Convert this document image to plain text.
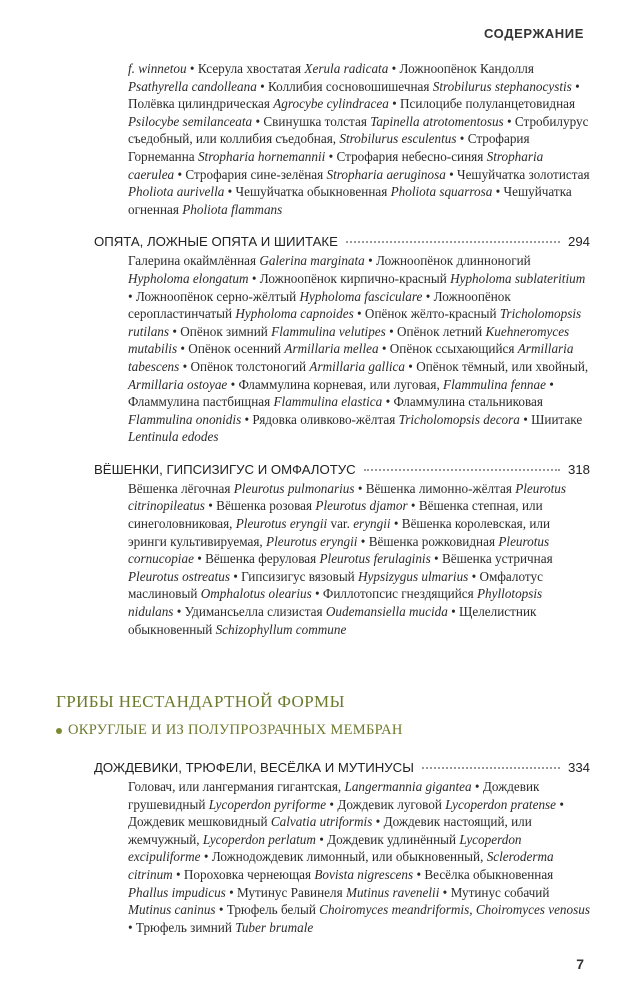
СОДЕРЖАНИЕ

f. winnetou • Ксерула хвостатая Xerula radicata • Ложноопёнок Кандолля Psathyrella candolleana • Коллибия сосновошишечная Strobilurus stephanocystis • Полёвка цилиндрическая Agrocybe cylindracea • Псилоцибе полуланцетовидная Psilocybe semilanceata • Свинушка толстая Tapinella atrotomentosus • Стробилурус съедобный, или коллибия съедобная, Strobilurus esculentus • Строфария Горнеманна Stropharia hornemannii • Строфария небесно-синяя Stropharia caerulea • Строфария сине-зелёная Stropharia aeruginosa • Чешуйчатка золотистая Pholiota aurivella • Чешуйчатка обыкновенная Pholiota squarrosa • Чешуйчатка огненная Pholiota flammans

ОПЯТА, ЛОЖНЫЕ ОПЯТА И ШИИТАКЕ	294

Галерина окаймлённая Galerina marginata • Ложноопёнок длинноногий Hypholoma elongatum • Ложноопёнок кирпично-красный Hypholoma sublateritium • Ложноопёнок серно-жёлтый Hypholoma fasciculare • Ложноопёнок серопластинчатый Hypholoma capnoides • Опёнок жёлто-красный Tricholomopsis rutilans • Опёнок зимний Flammulina velutipes • Опёнок летний Kuehneromyces mutabilis • Опёнок осенний Armillaria mellea • Опёнок ссыхающийся Armillaria tabescens • Опёнок толстоногий Armillaria gallica • Опёнок тёмный, или хвойный, Armillaria ostoyae • Фламмулина корневая, или луговая, Flammulina fennae • Фламмулина пастбищная Flammulina elastica • Фламмулина стальниковая Flammulina ononidis • Рядовка оливково-жёлтая Tricholomopsis decora • Шиитаке Lentinula edodes

ВЁШЕНКИ, ГИПСИЗИГУС И ОМФАЛОТУС	318

Вёшенка лёгочная Pleurotus pulmonarius • Вёшенка лимонно-жёлтая Pleurotus citrinopileatus • Вёшенка розовая Pleurotus djamor • Вёшенка степная, или синеголовниковая, Pleurotus eryngii var. eryngii • Вёшенка королевская, или эринги культивируемая, Pleurotus eryngii • Вёшенка рожковидная Pleurotus cornucopiae • Вёшенка феруловая Pleurotus ferulaginis • Вёшенка устричная Pleurotus ostreatus • Гипсизигус вязовый Hypsizygus ulmarius • Омфалотус маслиновый Omphalotus olearius • Филлотопсис гнездящийся Phyllotopsis nidulans • Удимансьелла слизистая Oudemansiella mucida • Щелелистник обыкновенный Schizophyllum commune

ГРИБЫ НЕСТАНДАРТНОЙ ФОРМЫ
ОКРУГЛЫЕ И ИЗ ПОЛУПРОЗРАЧНЫХ МЕМБРАН
ДОЖДЕВИКИ, ТРЮФЕЛИ, ВЕСЁЛКА И МУТИНУСЫ	334

Головач, или лангермания гигантская, Langermannia gigantea • Дождевик грушевидный Lycoperdon pyriforme • Дождевик луговой Lycoperdon pratense • Дождевик мешковидный Calvatia utriformis • Дождевик настоящий, или жемчужный, Lycoperdon perlatum • Дождевик удлинённый Lycoperdon excipuliforme • Ложнодождевик лимонный, или обыкновенный, Scleroderma citrinum • Пороховка чернеющая Bovista nigrescens • Весёлка обыкновенная Phallus impudicus • Мутинус Равинеля Mutinus ravenelii • Мутинус собачий Mutinus caninus • Трюфель белый Choiromyces meandriformis, Choiromyces venosus • Трюфель зимний Tuber brumale

7
